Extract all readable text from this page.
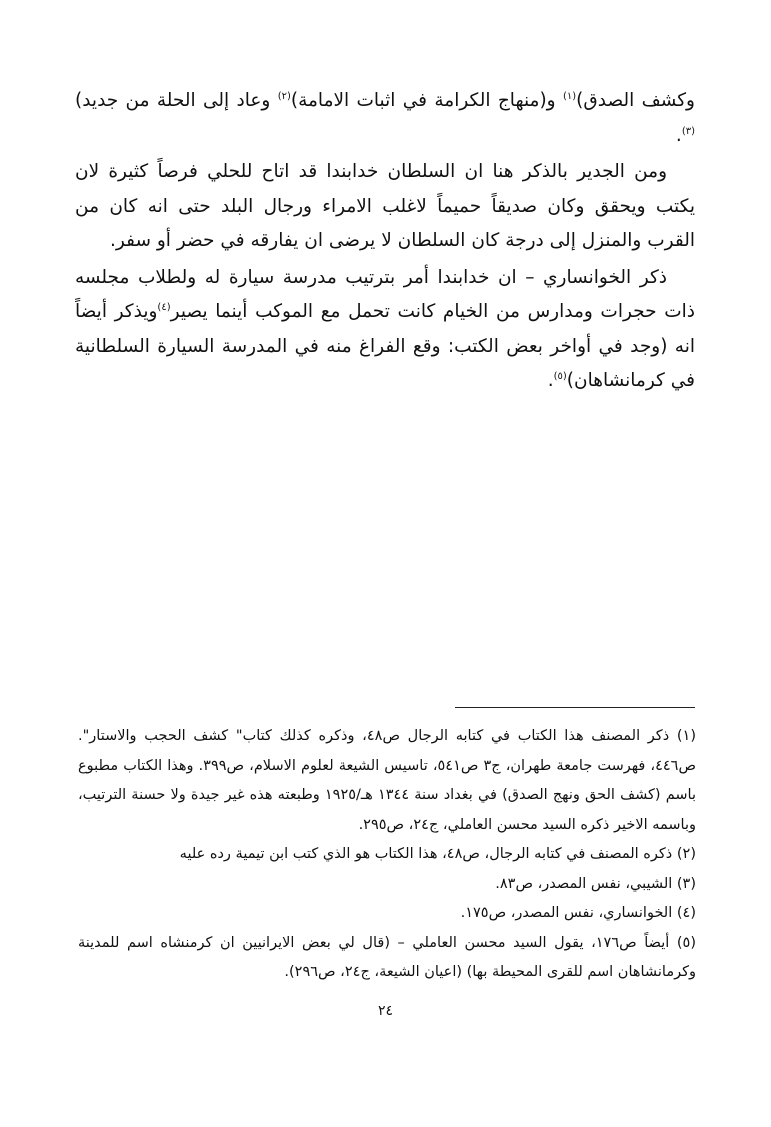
وكشف الصدق)$^{(١)}$ و(منهاج الكرامة في اثبات الامامة)$^{(٢)}$ وعاد إلى الحلة من جديد)$^{(٣)}$.

ومن الجدير بالذكر هنا ان السلطان خدابندا قد اتاح للحلي فرصاً كثيرة لان يكتب ويحقق وكان صديقاً حميماً لاغلب الامراء ورجال البلد حتى انه كان من القرب والمنزل إلى درجة كان السلطان لا يرضى ان يفارقه في حضر أو سفر.

ذكر الخوانساري – ان خدابندا أمر بترتيب مدرسة سيارة له ولطلاب مجلسه ذات حجرات ومدارس من الخيام كانت تحمل مع الموكب أينما يصير$^{(٤)}$ويذكر أيضاً انه (وجد في أواخر بعض الكتب: وقع الفراغ منه في المدرسة السيارة السلطانية في كرمانشاهان)$^{(٥)}$.

(١) ذكر المصنف هذا الكتاب في كتابه الرجال ص٤٨، وذكره كذلك كتاب" كشف الحجب والاستار". ص٤٤٦، فهرست جامعة طهران، ج٣ ص٥٤١، تاسيس الشيعة لعلوم الاسلام، ص٣٩٩. وهذا الكتاب مطبوع باسم (كشف الحق ونهج الصدق) في بغداد سنة ١٣٤٤ هـ/١٩٢٥ وطبعته هذه غير جيدة ولا حسنة الترتيب، وباسمه الاخير ذكره السيد محسن العاملي، ج٢٤، ص٢٩٥.
(٢) ذكره المصنف في كتابه الرجال، ص٤٨، هذا الكتاب هو الذي كتب ابن تيمية رده عليه
(٣) الشيبي، نفس المصدر، ص٨٣.
(٤) الخوانساري، نفس المصدر، ص١٧٥.
(٥) أيضاً ص١٧٦، يقول السيد محسن العاملي – (قال لي بعض الايرانيين ان كرمنشاه اسم للمدينة وكرمانشاهان اسم للقرى المحيطة بها) (اعيان الشيعة، ج٢٤، ص٢٩٦).
٢٤
